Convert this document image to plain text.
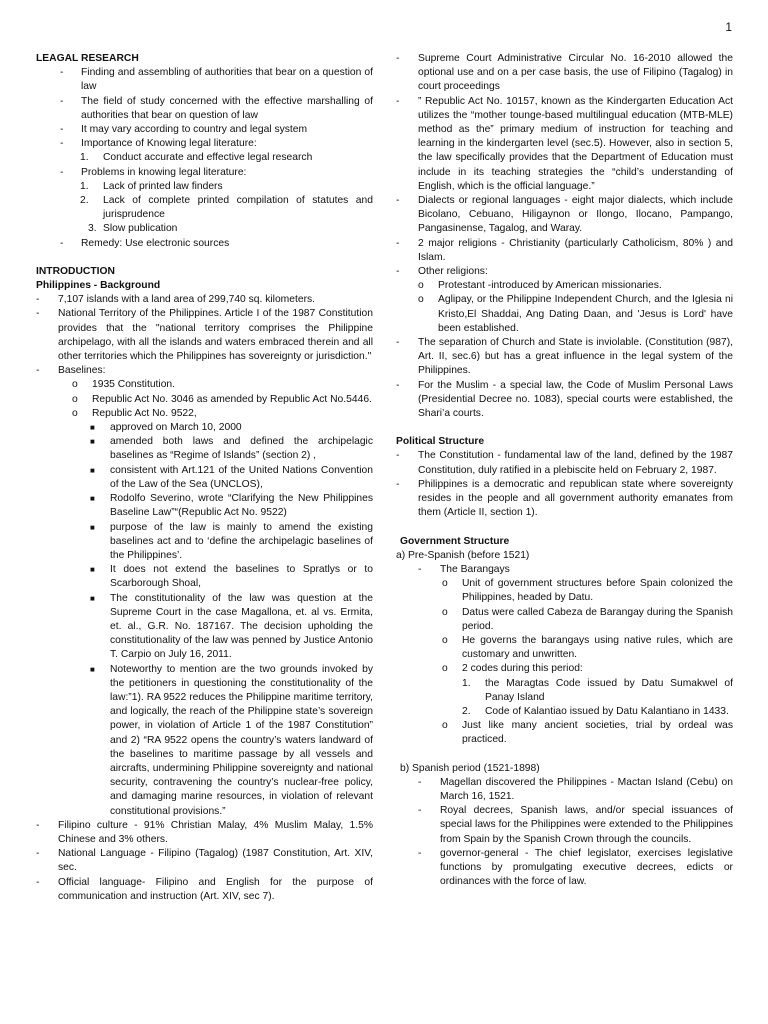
1

LEAGAL RESEARCH

- Finding and assembling of authorities that bear on a question of law
- The field of study concerned with the effective marshalling of authorities that bear on question of law
- It may vary according to country and legal system
- Importance of Knowing legal literature:
1. Conduct accurate and effective legal research
- Problems in knowing legal literature:
1. Lack of printed law finders
2. Lack of complete printed compilation of statutes and jurisprudence
3. Slow publication
- Remedy: Use electronic sources

INTRODUCTION

Philippines - Background

- 7,107 islands with a land area of 299,740 sq. kilometers.
- National Territory of the Philippines. Article I of the 1987 Constitution provides that the "national territory comprises the Philippine archipelago, with all the islands and waters embraced therein and all other territories which the Philippines has sovereignty or jurisdiction."
- Baselines:
o 1935 Constitution.
o Republic Act No. 3046 as amended by Republic Act No.5446.
o Republic Act No. 9522,
■ approved on March 10, 2000
■ amended both laws and defined the archipelagic baselines as “Regime of Islands” (section 2) ,
■ consistent with Art.121 of the United Nations Convention of the Law of the Sea (UNCLOS),
■ Rodolfo Severino, wrote “Clarifying the New Philippines Baseline Law”“(Republic Act No. 9522)
■ purpose of the law is mainly to amend the existing baselines act and to ‘define the archipelagic baselines of the Philippines’.
■ It does not extend the baselines to Spratlys or to Scarborough Shoal,
■ The constitutionality of the law was question at the Supreme Court in the case Magallona, et. al vs. Ermita, et. al., G.R. No. 187167. The decision upholding the constitutionality of the law was penned by Justice Antonio T. Carpio on July 16, 2011.
■ Noteworthy to mention are the two grounds invoked by the petitioners in questioning the constitutionality of the law:”1). RA 9522 reduces the Philippine maritime territory, and logically, the reach of the Philippine state’s sovereign power, in violation of Article 1 of the 1987 Constitution” and 2) “RA 9522 opens the country’s waters landward of the baselines to maritime passage by all vessels and aircrafts, undermining Philippine sovereignty and national security, contravening the country’s nuclear-free policy, and damaging marine resources, in violation of relevant constitutional provisions.”
- Filipino culture - 91% Christian Malay, 4% Muslim Malay, 1.5% Chinese and 3% others.
- National Language - Filipino (Tagalog) (1987 Constitution, Art. XIV, sec.
- Official language- Filipino and English for the purpose of communication and instruction (Art. XIV, sec 7).
- Supreme Court Administrative Circular No. 16-2010 allowed the optional use and on a per case basis, the use of Filipino (Tagalog) in court proceedings
- ” Republic Act No. 10157, known as the Kindergarten Education Act utilizes the “mother tounge-based multilingual education (MTB-MLE) method as the” primary medium of instruction for teaching and learning in the kindergarten level (sec.5). However, also in section 5, the law specifically provides that the Department of Education must include in its teaching strategies the “child’s understanding of English, which is the official language.”
- Dialects or regional languages - eight major dialects, which include Bicolano, Cebuano, Hiligaynon or Ilongo, Ilocano, Pampango, Pangasinense, Tagalog, and Waray.
- 2 major religions - Christianity (particularly Catholicism, 80% ) and Islam.
- Other religions:
o Protestant -introduced by American missionaries.
o Aglipay, or the Philippine Independent Church, and the Iglesia ni Kristo,El Shaddai, Ang Dating Daan, and 'Jesus is Lord' have been established.
- The separation of Church and State is inviolable. (Constitution (987), Art. II, sec.6) but has a great influence in the legal system of the Philippines.
- For the Muslim - a special law, the Code of Muslim Personal Laws (Presidential Decree no. 1083), special courts were established, the Shari’a courts.

Political Structure

- The Constitution - fundamental law of the land, defined by the 1987 Constitution, duly ratified in a plebiscite held on February 2, 1987.
- Philippines is a democratic and republican state where sovereignty resides in the people and all government authority emanates from them (Article II, section 1).

Government Structure

a) Pre-Spanish (before 1521)
- The Barangays
o Unit of government structures before Spain colonized the Philippines, headed by Datu.
o Datus were called Cabeza de Barangay during the Spanish period.
o He governs the barangays using native rules, which are customary and unwritten.
o 2 codes during this period:
1. the Maragtas Code issued by Datu Sumakwel of Panay Island
2. Code of Kalantiao issued by Datu Kalantiano in 1433.
o Just like many ancient societies, trial by ordeal was practiced.
b) Spanish period (1521-1898)
- Magellan discovered the Philippines - Mactan Island (Cebu) on March 16, 1521.
- Royal decrees, Spanish laws, and/or special issuances of special laws for the Philippines were extended to the Philippines from Spain by the Spanish Crown through the councils.
- governor-general - The chief legislator, exercises legislative functions by promulgating executive decrees, edicts or ordinances with the force of law.
